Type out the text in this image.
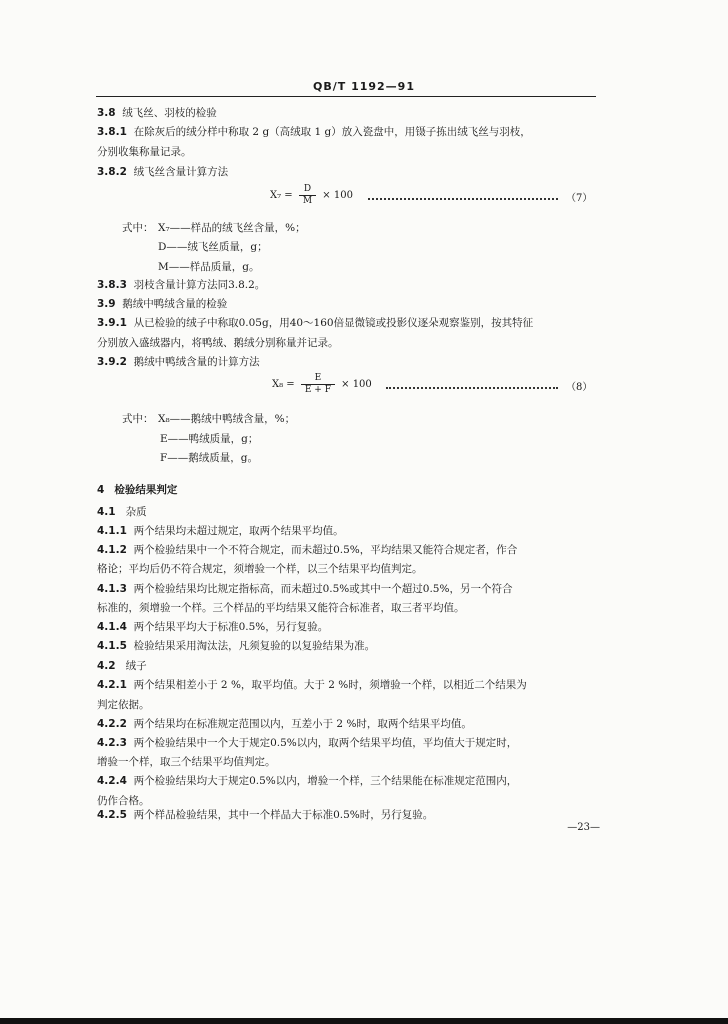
QB/T 1192—91
3.8 绒飞丝、羽枝的检验
3.8.1 在除灰后的绒分样中称取 2 g（高绒取 1 g）放入瓷盘中，用镊子拣出绒飞丝与羽枝，
分别收集称量记录。
3.8.2 绒飞丝含量计算方法
$X_7 = \frac{D}{M} \times 100$	（7）
式中： X₇——样品的绒飞丝含量，%；
D——绒飞丝质量，g；
M——样品质量，g。
3.8.3 羽枝含量计算方法同3.8.2。
3.9 鹅绒中鸭绒含量的检验
3.9.1 从已检验的绒子中称取0.05g，用40～160倍显微镜或投影仪逐朵观察鉴别，按其特征
分别放入盛绒器内，将鸭绒、鹅绒分别称量并记录。
3.9.2 鹅绒中鸭绒含量的计算方法
$X_8 = \frac{E}{E + F} \times 100$	（8）
式中： X₈——鹅绒中鸭绒含量，%；
E——鸭绒质量，g；
F——鹅绒质量，g。
4 检验结果判定
4.1 杂质
4.1.1 两个结果均未超过规定，取两个结果平均值。
4.1.2 两个检验结果中一个不符合规定，而未超过0.5%，平均结果又能符合规定者，作合
格论；平均后仍不符合规定，须增验一个样，以三个结果平均值判定。
4.1.3 两个检验结果均比规定指标高，而未超过0.5%或其中一个超过0.5%，另一个符合
标准的，须增验一个样。三个样品的平均结果又能符合标准者，取三者平均值。
4.1.4 两个结果平均大于标准0.5%，另行复验。
4.1.5 检验结果采用淘汰法，凡须复验的以复验结果为准。
4.2 绒子
4.2.1 两个结果相差小于 2 %，取平均值。大于 2 %时，须增验一个样，以相近二个结果为
判定依据。
4.2.2 两个结果均在标准规定范围以内，互差小于 2 %时，取两个结果平均值。
4.2.3 两个检验结果中一个大于规定0.5%以内，取两个结果平均值，平均值大于规定时，
增验一个样，取三个结果平均值判定。
4.2.4 两个检验结果均大于规定0.5%以内，增验一个样，三个结果能在标准规定范围内，
仍作合格。
4.2.5 两个样品检验结果，其中一个样品大于标准0.5%时，另行复验。
—23—
